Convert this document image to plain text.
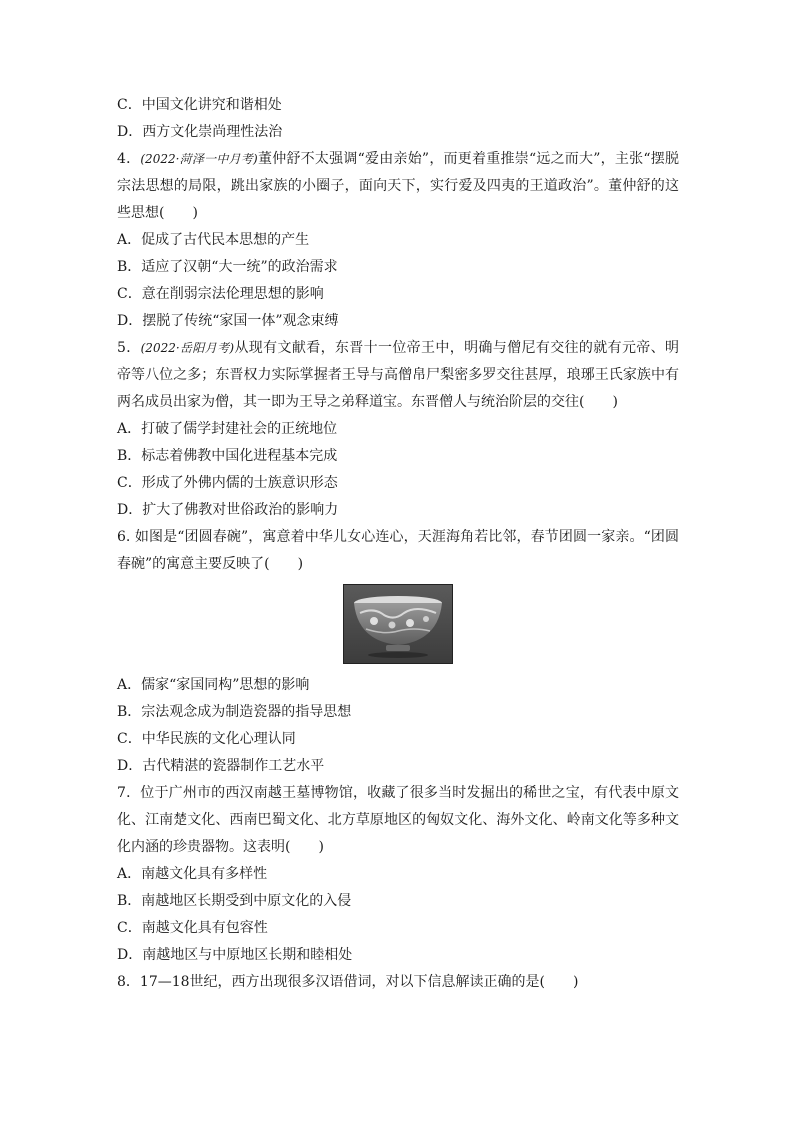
C．中国文化讲究和谐相处

D．西方文化崇尚理性法治

4．(2022·菏泽一中月考)董仲舒不太强调“爱由亲始”，而更着重推崇“远之而大”，主张“摆脱宗法思想的局限，跳出家族的小圈子，面向天下，实行爱及四夷的王道政治”。董仲舒的这些思想(　　)

A．促成了古代民本思想的产生

B．适应了汉朝“大一统”的政治需求

C．意在削弱宗法伦理思想的影响

D．摆脱了传统“家国一体”观念束缚

5．(2022·岳阳月考)从现有文献看，东晋十一位帝王中，明确与僧尼有交往的就有元帝、明帝等八位之多；东晋权力实际掌握者王导与高僧帛尸梨密多罗交往甚厚，琅琊王氏家族中有两名成员出家为僧，其一即为王导之弟释道宝。东晋僧人与统治阶层的交往(　　)

A．打破了儒学封建社会的正统地位

B．标志着佛教中国化进程基本完成

C．形成了外佛内儒的士族意识形态

D．扩大了佛教对世俗政治的影响力

6. 如图是“团圆春碗”，寓意着中华儿女心连心，天涯海角若比邻，春节团圆一家亲。“团圆春碗”的寓意主要反映了(　　)

A．儒家“家国同构”思想的影响

B．宗法观念成为制造瓷器的指导思想

C．中华民族的文化心理认同

D．古代精湛的瓷器制作工艺水平

7．位于广州市的西汉南越王墓博物馆，收藏了很多当时发掘出的稀世之宝，有代表中原文化、江南楚文化、西南巴蜀文化、北方草原地区的匈奴文化、海外文化、岭南文化等多种文化内涵的珍贵器物。这表明(　　)

A．南越文化具有多样性

B．南越地区长期受到中原文化的入侵

C．南越文化具有包容性

D．南越地区与中原地区长期和睦相处

8．17—18世纪，西方出现很多汉语借词，对以下信息解读正确的是(　　)
